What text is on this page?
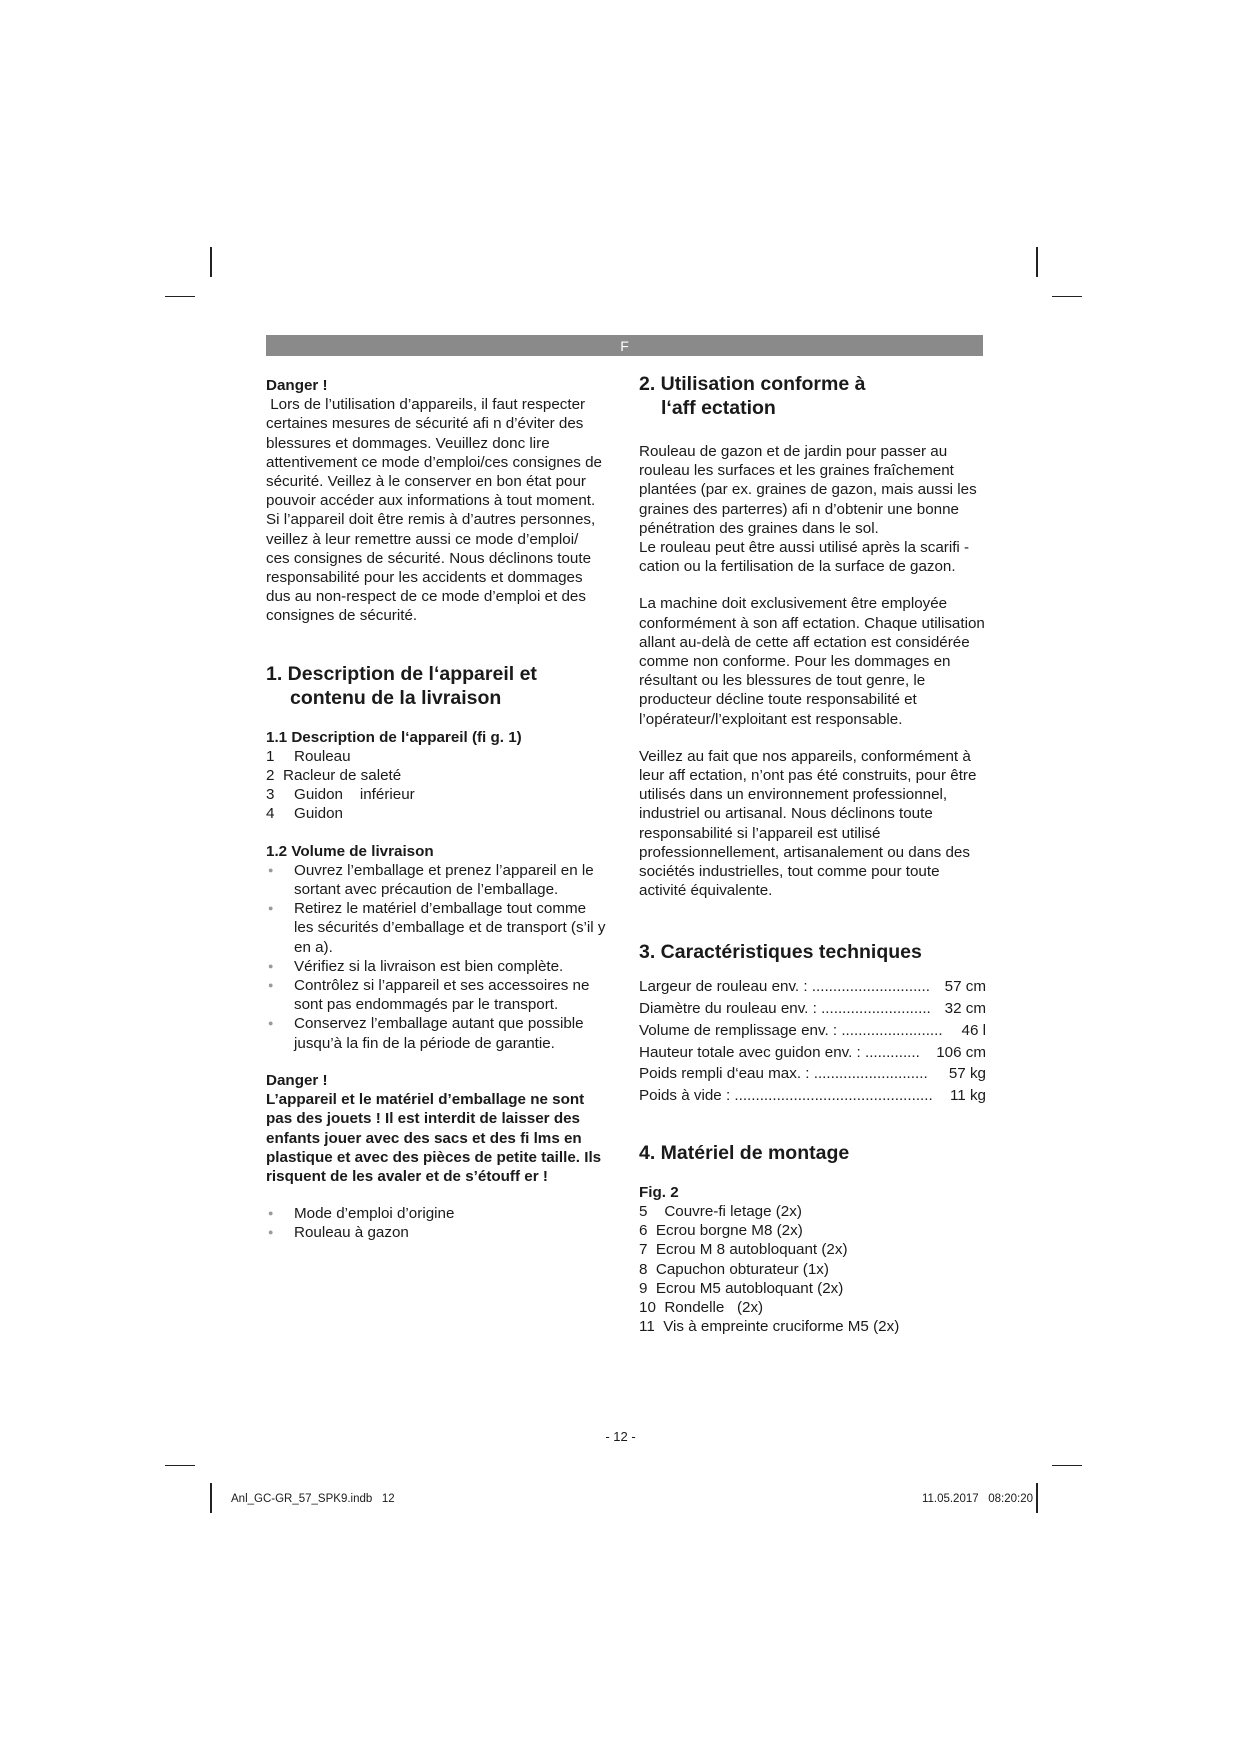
F

Danger !

Lors de l’utilisation d’appareils, il faut respecter certaines mesures de sécurité afi n d’éviter des blessures et dommages. Veuillez donc lire attentivement ce mode d’emploi/ces consignes de sécurité. Veillez à le conserver en bon état pour pouvoir accéder aux informations à tout moment. Si l’appareil doit être remis à d’autres personnes, veillez à leur remettre aussi ce mode d’emploi/ ces consignes de sécurité. Nous déclinons toute responsabilité pour les accidents et dommages dus au non-respect de ce mode d’emploi et des consignes de sécurité.

1. Description de l‘appareil et
contenu de la livraison

1.1 Description de l‘appareil (fi g. 1)

1	Rouleau
2 Racleur de saleté
3	Guidon    inférieur
4	Guidon

1.2 Volume de livraison

● Ouvrez l’emballage et prenez l’appareil en le sortant avec précaution de l’emballage.
● Retirez le matériel d’emballage tout comme les sécurités d’emballage et de transport (s’il y en a).
● Vérifiez si la livraison est bien complète.
● Contrôlez si l’appareil et ses accessoires ne sont pas endommagés par le transport.
● Conservez l’emballage autant que possible jusqu’à la fin de la période de garantie.

Danger !

L’appareil et le matériel d’emballage ne sont pas des jouets ! Il est interdit de laisser des enfants jouer avec des sacs et des fi lms en plastique et avec des pièces de petite taille. Ils risquent de les avaler et de s’étouff er !

● Mode d’emploi d’origine
● Rouleau à gazon
2. Utilisation conforme à
l‘aff ectation

Rouleau de gazon et de jardin pour passer au rouleau les surfaces et les graines fraîchement plantées (par ex. graines de gazon, mais aussi les graines des parterres) afi n d’obtenir une bonne pénétration des graines dans le sol.

Le rouleau peut être aussi utilisé après la scarifi -cation ou la fertilisation de la surface de gazon.

La machine doit exclusivement être employée conformément à son aff ectation. Chaque utilisation allant au-delà de cette aff ectation est considérée comme non conforme. Pour les dommages en résultant ou les blessures de tout genre, le producteur décline toute responsabilité et l’opérateur/l’exploitant est responsable.

Veillez au fait que nos appareils, conformément à leur aff ectation, n’ont pas été construits, pour être utilisés dans un environnement professionnel, industriel ou artisanal. Nous déclinons toute responsabilité si l’appareil est utilisé professionnellement, artisanalement ou dans des sociétés industrielles, tout comme pour toute activité équivalente.

3. Caractéristiques techniques
Largeur de rouleau env. : ............................ 57 cm
Diamètre du rouleau env. : .......................... 32 cm
Volume de remplissage env. : ........................ 46 l
Hauteur totale avec guidon env. : ............. 106 cm
Poids rempli d‘eau max. : ........................... 57 kg
Poids à vide : ............................................... 11 kg
4. Matériel de montage

Fig. 2

5    Couvre-fi letage (2x)
6  Ecrou borgne M8 (2x)
7  Ecrou M 8 autobloquant (2x)
8  Capuchon obturateur (1x)
9  Ecrou M5 autobloquant (2x)
10  Rondelle   (2x)
11  Vis à empreinte cruciforme M5 (2x)
- 12 -
Anl_GC-GR_57_SPK9.indb   12	11.05.2017   08:20:20
